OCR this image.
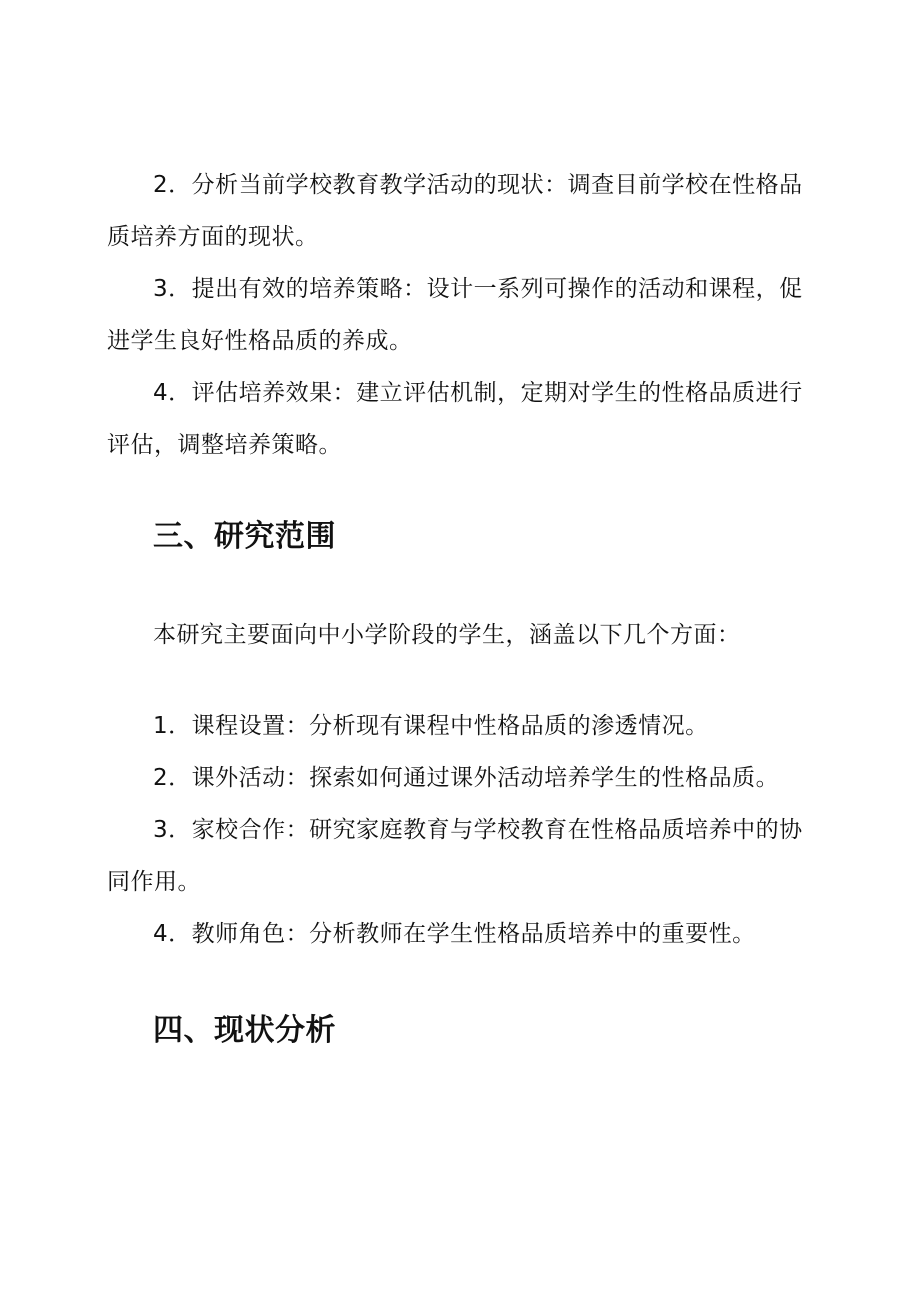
2．分析当前学校教育教学活动的现状：调查目前学校在性格品质培养方面的现状。

3．提出有效的培养策略：设计一系列可操作的活动和课程，促进学生良好性格品质的养成。

4．评估培养效果：建立评估机制，定期对学生的性格品质进行评估，调整培养策略。

三、研究范围

本研究主要面向中小学阶段的学生，涵盖以下几个方面：

1．课程设置：分析现有课程中性格品质的渗透情况。

2．课外活动：探索如何通过课外活动培养学生的性格品质。

3．家校合作：研究家庭教育与学校教育在性格品质培养中的协同作用。

4．教师角色：分析教师在学生性格品质培养中的重要性。

四、现状分析
